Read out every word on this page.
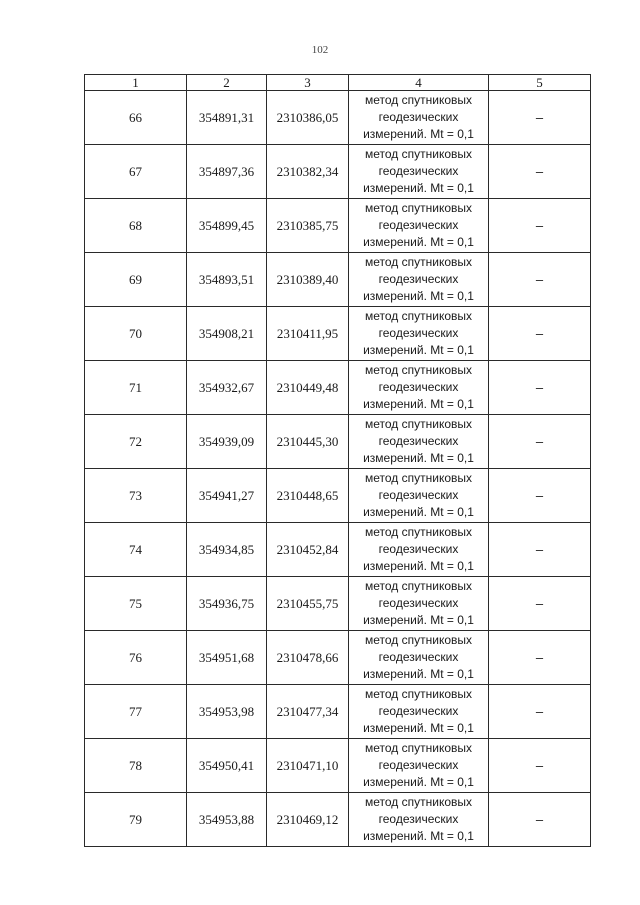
102
1	2	3	4	5
66	354891,31	2310386,05	метод спутниковых
геодезических
измерений. Mt = 0,1	–
67	354897,36	2310382,34	метод спутниковых
геодезических
измерений. Mt = 0,1	–
68	354899,45	2310385,75	метод спутниковых
геодезических
измерений. Mt = 0,1	–
69	354893,51	2310389,40	метод спутниковых
геодезических
измерений. Mt = 0,1	–
70	354908,21	2310411,95	метод спутниковых
геодезических
измерений. Mt = 0,1	–
71	354932,67	2310449,48	метод спутниковых
геодезических
измерений. Mt = 0,1	–
72	354939,09	2310445,30	метод спутниковых
геодезических
измерений. Mt = 0,1	–
73	354941,27	2310448,65	метод спутниковых
геодезических
измерений. Mt = 0,1	–
74	354934,85	2310452,84	метод спутниковых
геодезических
измерений. Mt = 0,1	–
75	354936,75	2310455,75	метод спутниковых
геодезических
измерений. Mt = 0,1	–
76	354951,68	2310478,66	метод спутниковых
геодезических
измерений. Mt = 0,1	–
77	354953,98	2310477,34	метод спутниковых
геодезических
измерений. Mt = 0,1	–
78	354950,41	2310471,10	метод спутниковых
геодезических
измерений. Mt = 0,1	–
79	354953,88	2310469,12	метод спутниковых
геодезических
измерений. Mt = 0,1	–
